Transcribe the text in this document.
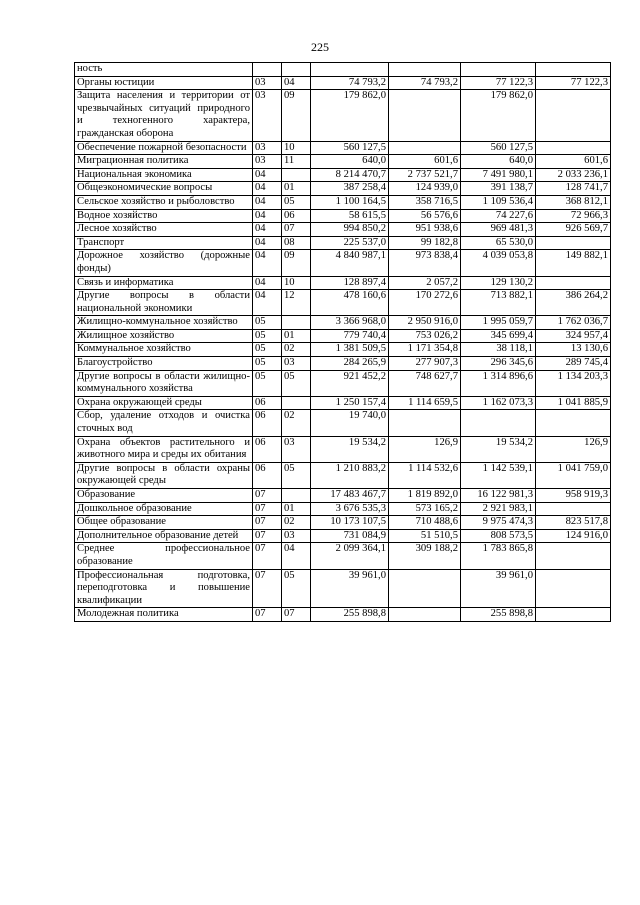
225
ность						
Органы юстиции	03	04	74 793,2	74 793,2	77 122,3	77 122,3
Защита населения и территории от чрезвычайных ситуаций природного и техногенного характера, гражданская оборона	03	09	179 862,0		179 862,0	
Обеспечение пожарной безопасности	03	10	560 127,5		560 127,5	
Миграционная политика	03	11	640,0	601,6	640,0	601,6
Национальная экономика	04		8 214 470,7	2 737 521,7	7 491 980,1	2 033 236,1
Общеэкономические вопросы	04	01	387 258,4	124 939,0	391 138,7	128 741,7
Сельское хозяйство и рыболовство	04	05	1 100 164,5	358 716,5	1 109 536,4	368 812,1
Водное хозяйство	04	06	58 615,5	56 576,6	74 227,6	72 966,3
Лесное хозяйство	04	07	994 850,2	951 938,6	969 481,3	926 569,7
Транспорт	04	08	225 537,0	99 182,8	65 530,0	
Дорожное хозяйство (дорожные фонды)	04	09	4 840 987,1	973 838,4	4 039 053,8	149 882,1
Связь и информатика	04	10	128 897,4	2 057,2	129 130,2	
Другие вопросы в области национальной экономики	04	12	478 160,6	170 272,6	713 882,1	386 264,2
Жилищно-коммунальное хозяйство	05		3 366 968,0	2 950 916,0	1 995 059,7	1 762 036,7
Жилищное хозяйство	05	01	779 740,4	753 026,2	345 699,4	324 957,4
Коммунальное хозяйство	05	02	1 381 509,5	1 171 354,8	38 118,1	13 130,6
Благоустройство	05	03	284 265,9	277 907,3	296 345,6	289 745,4
Другие вопросы в области жилищно-коммунального хозяйства	05	05	921 452,2	748 627,7	1 314 896,6	1 134 203,3
Охрана окружающей среды	06		1 250 157,4	1 114 659,5	1 162 073,3	1 041 885,9
Сбор, удаление отходов и очистка сточных вод	06	02	19 740,0			
Охрана объектов растительного и животного мира и среды их обитания	06	03	19 534,2	126,9	19 534,2	126,9
Другие вопросы в области охраны окружающей среды	06	05	1 210 883,2	1 114 532,6	1 142 539,1	1 041 759,0
Образование	07		17 483 467,7	1 819 892,0	16 122 981,3	958 919,3
Дошкольное образование	07	01	3 676 535,3	573 165,2	2 921 983,1	
Общее образование	07	02	10 173 107,5	710 488,6	9 975 474,3	823 517,8
Дополнительное образование детей	07	03	731 084,9	51 510,5	808 573,5	124 916,0
Среднее профессиональное образование	07	04	2 099 364,1	309 188,2	1 783 865,8	
Профессиональная подготовка, переподготовка и повышение квалификации	07	05	39 961,0		39 961,0	
Молодежная политика	07	07	255 898,8		255 898,8	
